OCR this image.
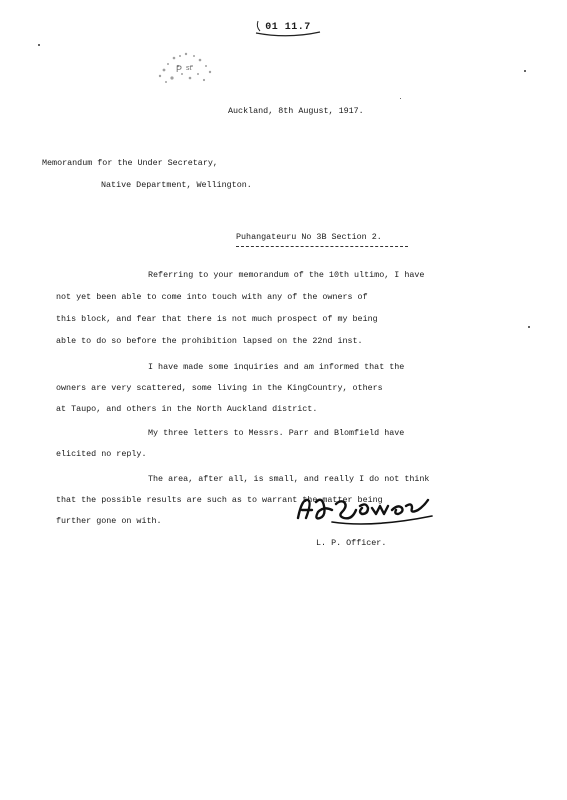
01 11.7
P st
Auckland, 8th August, 1917.
Memorandum for the Under Secretary,
Native Department, Wellington.
Puhangateuru No 3B Section 2.
Referring to your memorandum of the 10th ultimo, I have
not yet been able to come into touch with any of the owners of
this block, and fear that there is not much prospect of my being
able to do so before the prohibition lapsed on the 22nd inst.
I have made some inquiries and am informed that the
owners are very scattered, some living in the KingCountry, others
at Taupo, and others in the North Auckland district.
My three letters to Messrs. Parr and Blomfield have
elicited no reply.
The area, after all, is small, and really I do not think
that the possible results are such as to warrant the matter being
further gone on with.
L. P. Officer.
